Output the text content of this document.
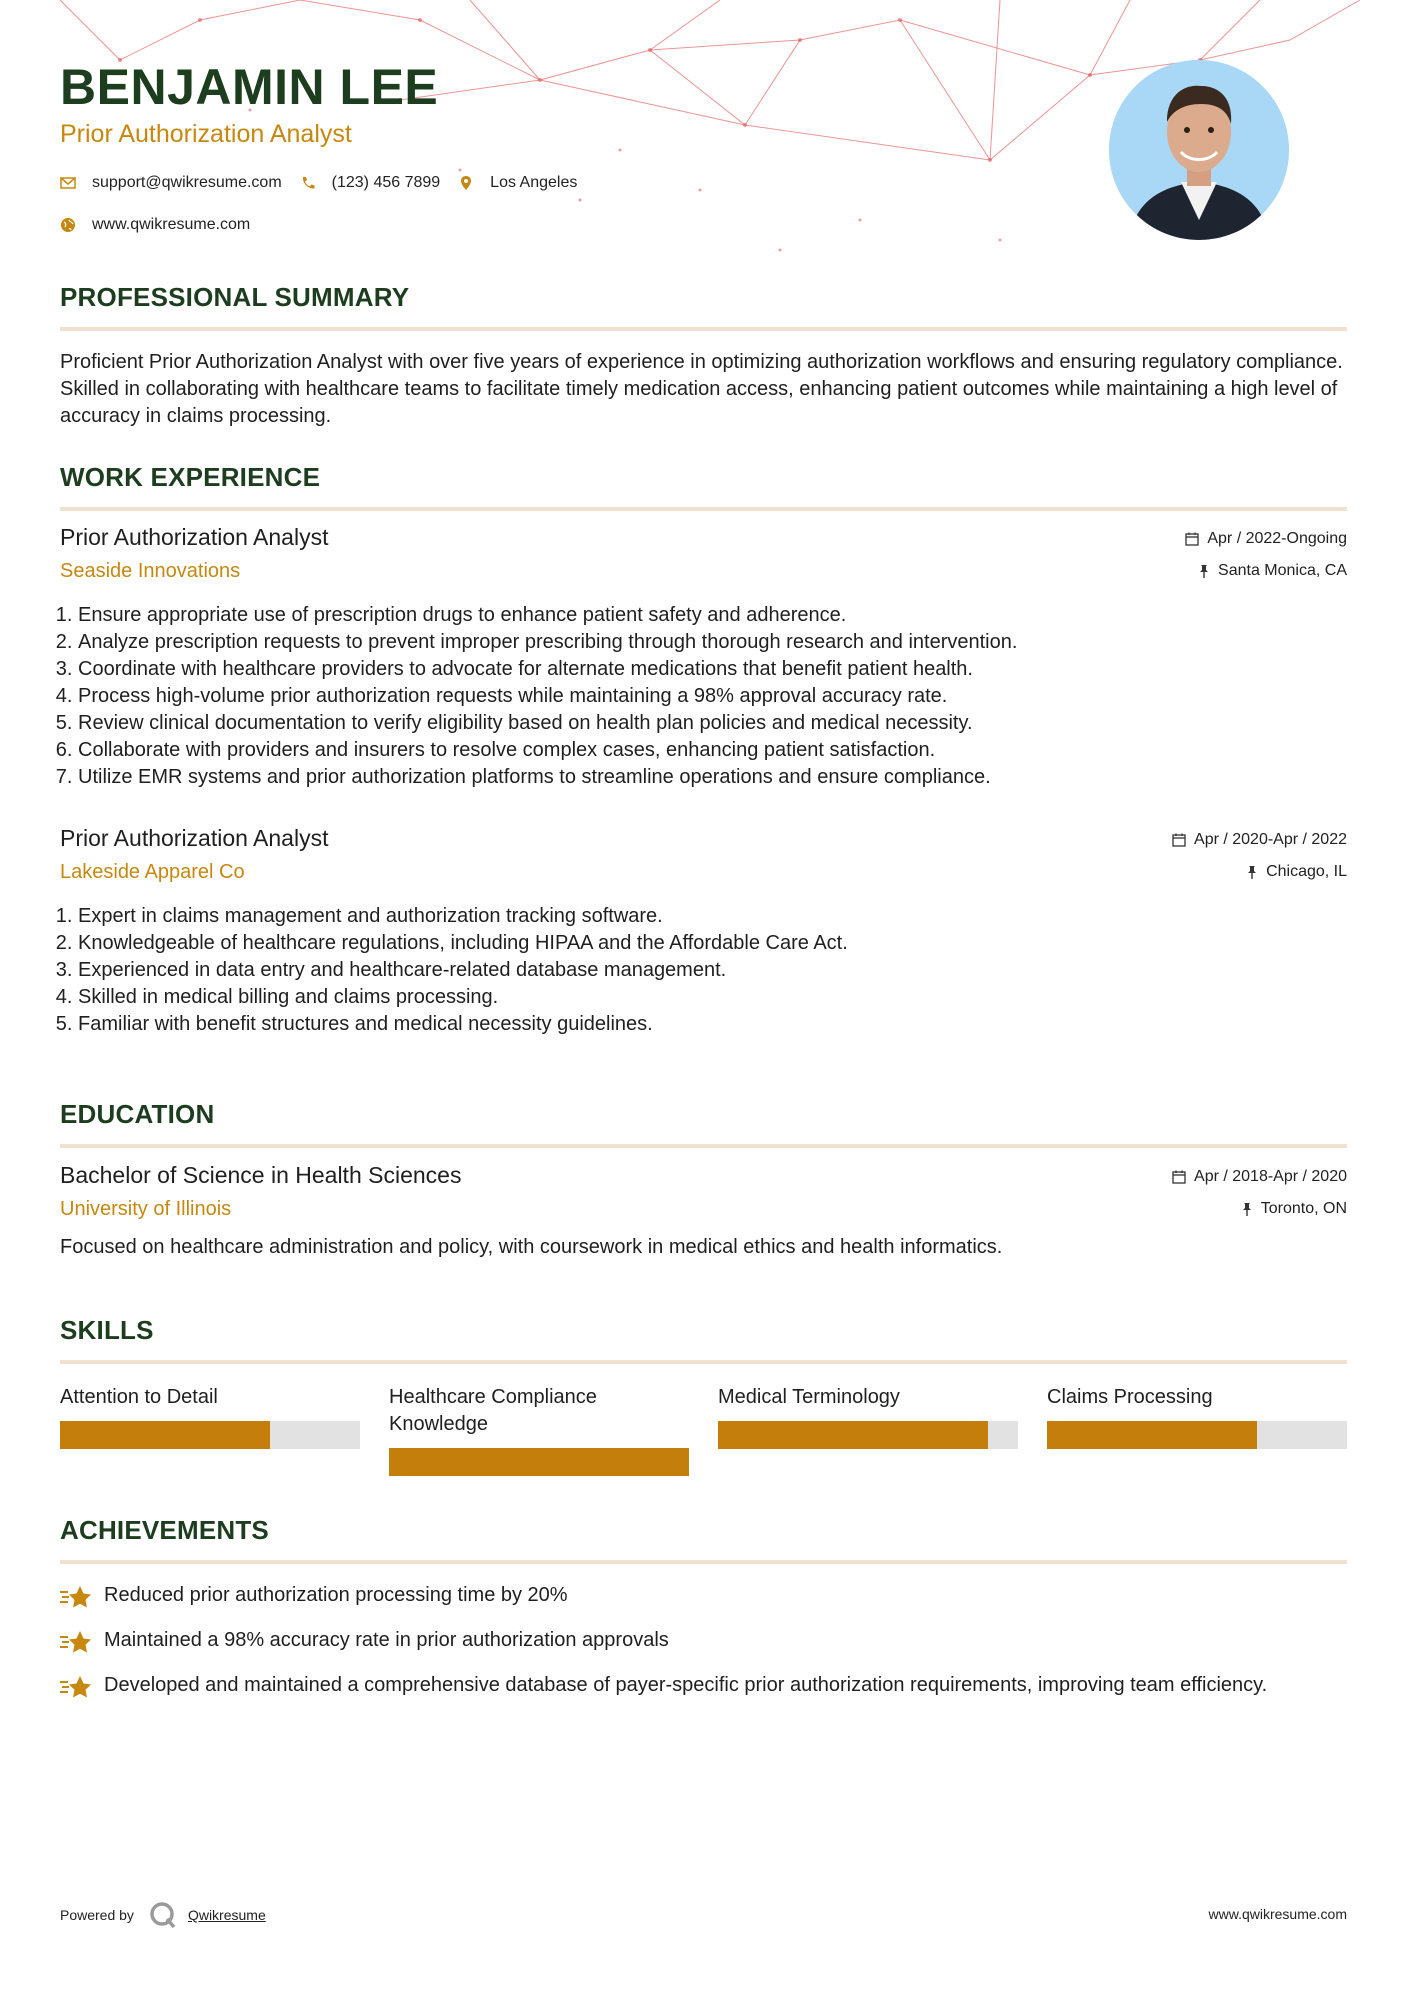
BENJAMIN LEE
Prior Authorization Analyst
support@qwikresume.com	(123) 456 7899	Los Angeles
www.qwikresume.com
PROFESSIONAL SUMMARY
Proficient Prior Authorization Analyst with over five years of experience in optimizing authorization workflows and ensuring regulatory compliance. Skilled in collaborating with healthcare teams to facilitate timely medication access, enhancing patient outcomes while maintaining a high level of accuracy in claims processing.
WORK EXPERIENCE
Prior Authorization Analyst
Seaside Innovations
Apr / 2022-Ongoing
Santa Monica, CA
1. Ensure appropriate use of prescription drugs to enhance patient safety and adherence.
2. Analyze prescription requests to prevent improper prescribing through thorough research and intervention.
3. Coordinate with healthcare providers to advocate for alternate medications that benefit patient health.
4. Process high-volume prior authorization requests while maintaining a 98% approval accuracy rate.
5. Review clinical documentation to verify eligibility based on health plan policies and medical necessity.
6. Collaborate with providers and insurers to resolve complex cases, enhancing patient satisfaction.
7. Utilize EMR systems and prior authorization platforms to streamline operations and ensure compliance.
Prior Authorization Analyst
Lakeside Apparel Co
Apr / 2020-Apr / 2022
Chicago, IL
1. Expert in claims management and authorization tracking software.
2. Knowledgeable of healthcare regulations, including HIPAA and the Affordable Care Act.
3. Experienced in data entry and healthcare-related database management.
4. Skilled in medical billing and claims processing.
5. Familiar with benefit structures and medical necessity guidelines.
EDUCATION
Bachelor of Science in Health Sciences
University of Illinois
Apr / 2018-Apr / 2020
Toronto, ON
Focused on healthcare administration and policy, with coursework in medical ethics and health informatics.
SKILLS
Attention to Detail	Healthcare Compliance Knowledge
Medical Terminology	Claims Processing
ACHIEVEMENTS
Reduced prior authorization processing time by 20%
Maintained a 98% accuracy rate in prior authorization approvals
Developed and maintained a comprehensive database of payer-specific prior authorization requirements, improving team efficiency.
Powered by	Qwikresume	www.qwikresume.com
